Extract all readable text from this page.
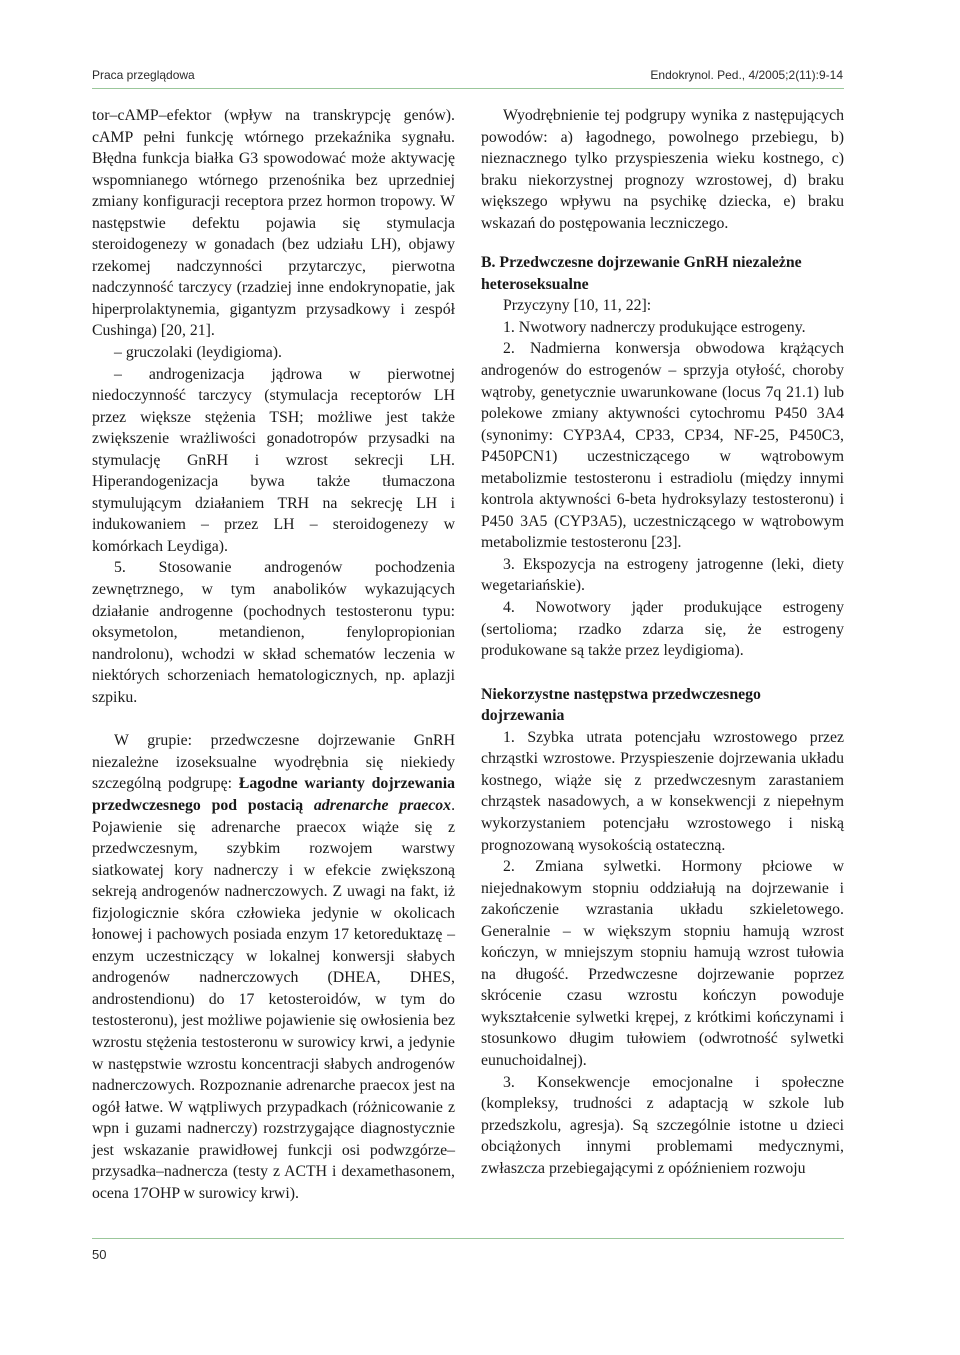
Praca przeglądowa	Endokrynol. Ped., 4/2005;2(11):9-14

tor–cAMP–efektor (wpływ na transkrypcję genów). cAMP pełni funkcję wtórnego przekaźnika sygnału. Błędna funkcja białka G3 spowodować może aktywację wspomnianego wtórnego przenośnika bez uprzedniej zmiany konfiguracji receptora przez hormon tropowy. W następstwie defektu pojawia się stymulacja steroidogenezy w gonadach (bez udziału LH), objawy rzekomej nadczynności przytarczyc, pierwotna nadczynność tarczycy (rzadziej inne endokrynopatie, jak hiperprolaktynemia, gigantyzm przysadkowy i zespół Cushinga) [20, 21].

– gruczolaki (leydigioma).

– androgenizacja jądrowa w pierwotnej niedoczynność tarczycy (stymulacja receptorów LH przez większe stężenia TSH; możliwe jest także zwiększenie wrażliwości gonadotropów przysadki na stymulację GnRH i wzrost sekrecji LH. Hiperandogenizacja bywa także tłumaczona stymulującym działaniem TRH na sekrecję LH i indukowaniem – przez LH – steroidogenezy w komórkach Leydiga).

5. Stosowanie androgenów pochodzenia zewnętrznego, w tym anabolików wykazujących działanie androgenne (pochodnych testosteronu typu: oksymetolon, metandienon, fenylopropionian nandrolonu), wchodzi w skład schematów leczenia w niektórych schorzeniach hematologicznych, np. aplazji szpiku.

W grupie: przedwczesne dojrzewanie GnRH niezależne izoseksualne wyodrębnia się niekiedy szczególną podgrupę: Łagodne warianty dojrzewania przedwczesnego pod postacią adrenarche praecox. Pojawienie się adrenarche praecox wiąże się z przedwczesnym, szybkim rozwojem warstwy siatkowatej kory nadnerczy i w efekcie zwiększoną sekreją androgenów nadnerczowych. Z uwagi na fakt, iż fizjologicznie skóra człowieka jedynie w okolicach łonowej i pachowych posiada enzym 17 ketoreduktazę – enzym uczestniczący w lokalnej konwersji słabych androgenów nadnerczowych (DHEA, DHES, androstendionu) do 17 ketosteroidów, w tym do testosteronu), jest możliwe pojawienie się owłosienia bez wzrostu stężenia testosteronu w surowicy krwi, a jedynie w następstwie wzrostu koncentracji słabych androgenów nadnerczowych. Rozpoznanie adrenarche praecox jest na ogół łatwe. W wątpliwych przypadkach (różnicowanie z wpn i guzami nadnerczy) rozstrzygające diagnostycznie jest wskazanie prawidłowej funkcji osi podwzgórze–przysadka–nadnercza (testy z ACTH i dexamethasonem, ocena 17OHP w surowicy krwi).

Wyodrębnienie tej podgrupy wynika z następujących powodów: a) łagodnego, powolnego przebiegu, b) nieznacznego tylko przyspieszenia wieku kostnego, c) braku niekorzystnej prognozy wzrostowej, d) braku większego wpływu na psychikę dziecka, e) braku wskazań do postępowania leczniczego.

B. Przedwczesne dojrzewanie GnRH niezależne heteroseksualne

Przyczyny [10, 11, 22]:

1. Nwotwory nadnerczy produkujące estrogeny.

2. Nadmierna konwersja obwodowa krążących androgenów do estrogenów – sprzyja otyłość, choroby wątroby, genetycznie uwarunkowane (locus 7q 21.1) lub polekowe zmiany aktywności cytochromu P450 3A4 (synonimy: CYP3A4, CP33, CP34, NF-25, P450C3, P450PCN1) uczestniczącego w wątrobowym metabolizmie testosteronu i estradiolu (między innymi kontrola aktywności 6-beta hydroksylazy testosteronu) i P450 3A5 (CYP3A5), uczestniczącego w wątrobowym metabolizmie testosteronu [23].

3. Ekspozycja na estrogeny jatrogenne (leki, diety wegetariańskie).

4. Nowotwory jąder produkujące estrogeny (sertolioma; rzadko zdarza się, że estrogeny produkowane są także przez leydigioma).

Niekorzystne następstwa przedwczesnego dojrzewania

1. Szybka utrata potencjału wzrostowego przez chrząstki wzrostowe. Przyspieszenie dojrzewania układu kostnego, wiąże się z przedwczesnym zarastaniem chrząstek nasadowych, a w konsekwencji z niepełnym wykorzystaniem potencjału wzrostowego i niską prognozowaną wysokością ostateczną.

2. Zmiana sylwetki. Hormony płciowe w niejednakowym stopniu oddziałują na dojrzewanie i zakończenie wzrastania układu szkieletowego. Generalnie – w większym stopniu hamują wzrost kończyn, w mniejszym stopniu hamują wzrost tułowia na długość. Przedwczesne dojrzewanie poprzez skrócenie czasu wzrostu kończyn powoduje wykształcenie sylwetki krępej, z krótkimi kończynami i stosunkowo długim tułowiem (odwrotność sylwetki eunuchoidalnej).

3. Konsekwencje emocjonalne i społeczne (kompleksy, trudności z adaptacją w szkole lub przedszkolu, agresja). Są szczególnie istotne u dzieci obciążonych innymi problemami medycznymi, zwłaszcza przebiegającymi z opóźnieniem rozwoju

50
